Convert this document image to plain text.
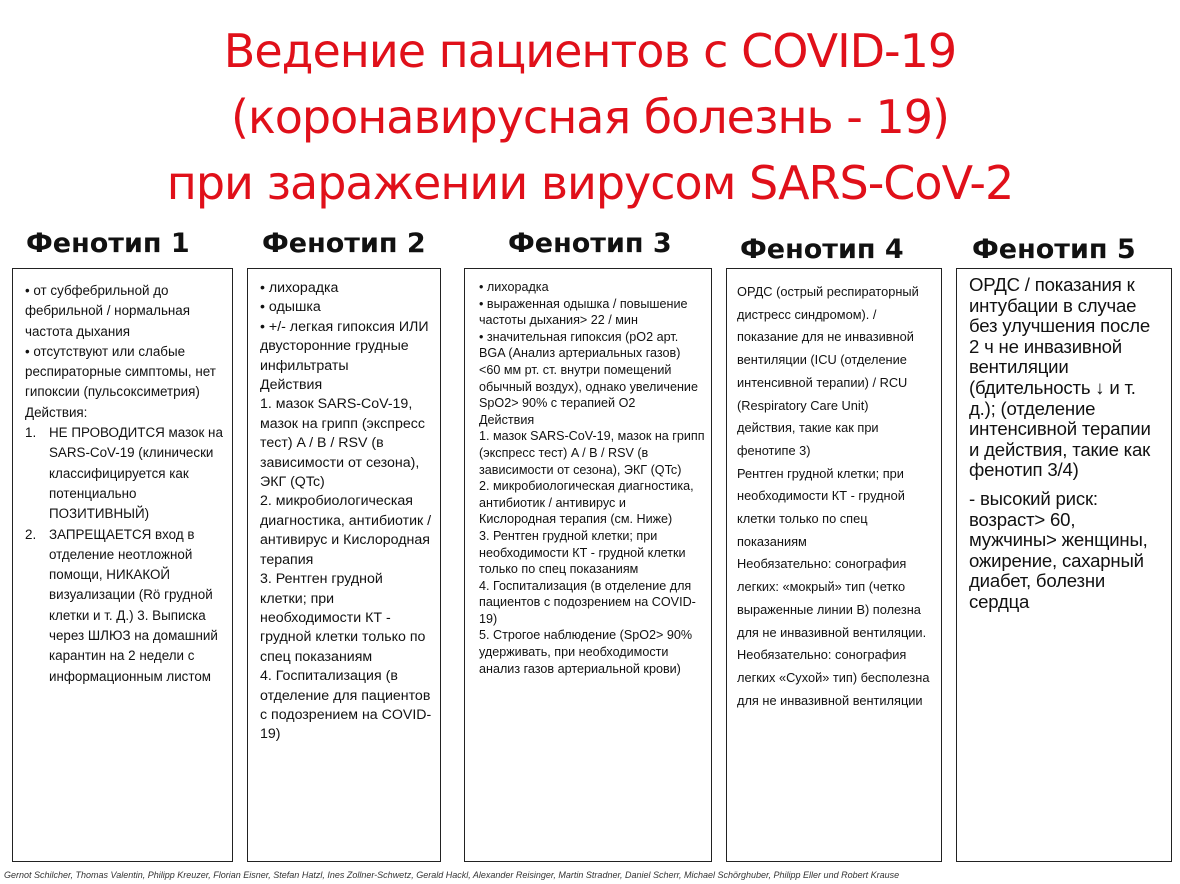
Ведение пациентов с COVID-19
(коронавирусная болезнь - 19)
при заражении вирусом SARS-CoV-2
Фенотип 1	Фенотип 2	Фенотип 3	Фенотип 4	Фенотип 5

• от субфебрильной до фебрильной / нормальная частота дыхания

• отсутствуют или слабые респираторные симптомы, нет гипоксии (пульсоксиметрия)

Действия:

1. НЕ ПРОВОДИТСЯ мазок на SARS-CoV-19 (клинически классифицируется как потенциально ПОЗИТИВНЫЙ)

2. ЗАПРЕЩАЕТСЯ вход в отделение неотложной помощи, НИКАКОЙ визуализации (Rö грудной клетки и т. Д.) 3. Выписка через ШЛЮЗ на домашний карантин на 2 недели с информационным листом

• лихорадка

• одышка

• +/- легкая гипоксия ИЛИ двусторонние грудные инфильтраты

Действия

1. мазок SARS-CoV-19, мазок на грипп (экспресс тест) A / B / RSV (в зависимости от сезона), ЭКГ (QTc)

2. микробиологическая диагностика, антибиотик / антивирус и Кислородная терапия

3. Рентген грудной клетки; при необходимости КТ - грудной клетки только по спец показаниям

4. Госпитализация (в отделение для пациентов с подозрением на COVID-19)

• лихорадка

• выраженная одышка / повышение частоты дыхания> 22 / мин

• значительная гипоксия (pO2 арт. BGA (Анализ артериальных газов) <60 мм рт. ст. внутри помещений обычный воздух), однако увеличение SpO2> 90% с терапией O2

Действия

1. мазок SARS-CoV-19, мазок на грипп (экспресс тест) A / B / RSV (в зависимости от сезона), ЭКГ (QTc)

2. микробиологическая диагностика, антибиотик / антивирус и Кислородная терапия (см. Ниже)

3. Рентген грудной клетки; при необходимости КТ - грудной клетки только по спец показаниям

4. Госпитализация (в отделение для пациентов с подозрением на COVID-19)

5. Строгое наблюдение (SpO2> 90% удерживать, при необходимости анализ газов артериальной крови)

ОРДС (острый респираторный дистресс синдромом). / показание для не инвазивной вентиляции (ICU (отделение интенсивной терапии) / RCU (Respiratory Care Unit)

действия, такие как при фенотипе 3)

Рентген грудной клетки; при необходимости КТ - грудной клетки только по спец показаниям

Необязательно: сонография легких: «мокрый» тип (четко выраженные линии B) полезна для не инвазивной вентиляции.

Необязательно: сонография легких «Сухой» тип) бесполезна для не инвазивной вентиляции

ОРДС / показания к интубации в случае без улучшения после 2 ч не инвазивной вентиляции (бдительность ↓ и т. д.); (отделение интенсивной терапии и действия, такие как фенотип 3/4)

- высокий риск: возраст> 60, мужчины> женщины, ожирение, сахарный диабет, болезни сердца

Gernot Schilcher, Thomas Valentin, Philipp Kreuzer, Florian Eisner, Stefan Hatzl, Ines Zollner-Schwetz, Gerald Hackl, Alexander Reisinger, Martin Stradner, Daniel Scherr, Michael Schörghuber, Philipp Eller und Robert Krause
